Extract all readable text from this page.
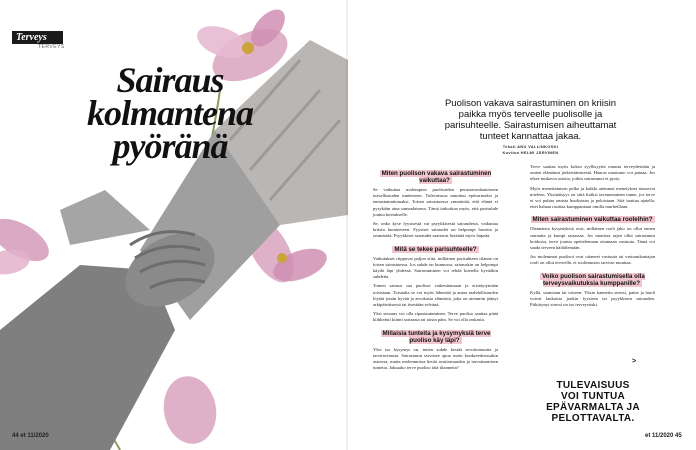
Terveys
TERVEYS
Sairaus
kolmantena
pyöränä
44 et 11/2020
Puolison vakava sairastuminen on kriisin paikka myös terveelle puolisolle ja parisuhteelle. Sairastumisen aiheuttamat tunteet kannattaa jakaa.
Teksti ANU VALLINKOSKI
Kuvitus HELMI JÄRVINEN
Miten puolison vakava sairastuminen vaikuttaa?

Se vaikuttaa molempien puolisoiden perustavanlaatuiseen turvallisuuden tunteeseen. Tulevaisuus muuttuu epävarmaksi ja ennustamattomaksi. Toisen sairastuessa ymmärtää, että elämä ei pysykään aina samanlaisena. Tämä tarkoittaa myös, että parisuhde joutuu koetukselle.

Se, onko kyse fyysisestä vai psyykkisestä sairaudesta, vaikuttaa kriisin luonteeseen. Fyysiset sairaudet on helpompi havaita ja ymmärtää. Psyykkiset sairaudet saattavat herättää myös häpeää.

Mitä se tekee parisuhteelle?

Vaikutukset riippuvat paljon siitä, millainen parisuhteen tilanne on toisen sairastuessa. Jos suhde on kunnossa, sairauskin on helpompi käydä läpi yhdessä. Sairastuminen voi tehdä koetella hyvääkin suhdetta.

Toinen sairaus saa puolisot vaikeuttamaan ja eristäytymään toisistaan. Toisaalta se voi myös lähentää ja antaa mahdollisuuden löytää jotain hyvää ja arvokasta elämästä, joka on aiemmin jäänyt arkipäiväisessä tai itsestään selvänä.

Yksi seuraus voi olla ripustautuminen. Terve puoliso saattaa pitää kiihkeästi kiinni sairaasta tai toisin päin. Se voi olla raskasta.

Millaisia tunteita ja kysymyksiä terve puoliso käy läpi?

Yksi iso kysymys on, miten suhde kestää arvottomuutta ja tarvitsevuutta. Sairastunut tarvitsee apua usein konkreettisissakin asioissa, mutta molemmissa herää avuttomuuden ja tarvaitsemisen tunteita. Jaksaako terve puoliso tätä tilannetta?

Terve saattaa myös kokea syyllisyyttä omasta terveydestään ja omien elämänsä järkeistämisestä. Hauras omatunto voi painaa. Jos tekee mukavia asioita, joihin sairastunut ei pysty.

Myös menettämisen pelko ja kaikki aiemmat menetykset nousevat mieleen. Yksinäisyys on siitä lisäksi tavanomainen tunne, jos terve ei voi puhua omista huolistaan ja peloistaan. Sitä saattaa ajatella, ettei haluaa rasittaa kumppaniaan omilla murheillaan.

Miten sairastuminen vaikuttaa rooleihin?

Olennaista kysymyksiä ovat, millainen rooli jako on ollut ennen sairautta ja kumpi sairastaa. Jos monissa arjen ollut sairastunut hoidossa, terve joutuu opettelemaan ottamaan vastuuta. Tämä voi saada terveen häiläilemään.

Jos molemmat puolisot ovat ottaneet vastuuta tai vastuunkantajan rooli on ollut terveellä, ei roolimuutos tarvitse muuttaa.

Voiko puolison sairastumisella olla terveysvaikutuksia kumppanille?

Kyllä, saamiaan tai toiseen. Yksin kannettu stressi, paine ja huoli voivat laukaista jonkin fyysisen tai psyykkisen sairauden. Pitkittynyt stressi on iso terveysriski.

>
TULEVAISUUS
VOI TUNTUA
EPÄVARMALTA JA
PELOTTAVALTA.
et 11/2020 45
